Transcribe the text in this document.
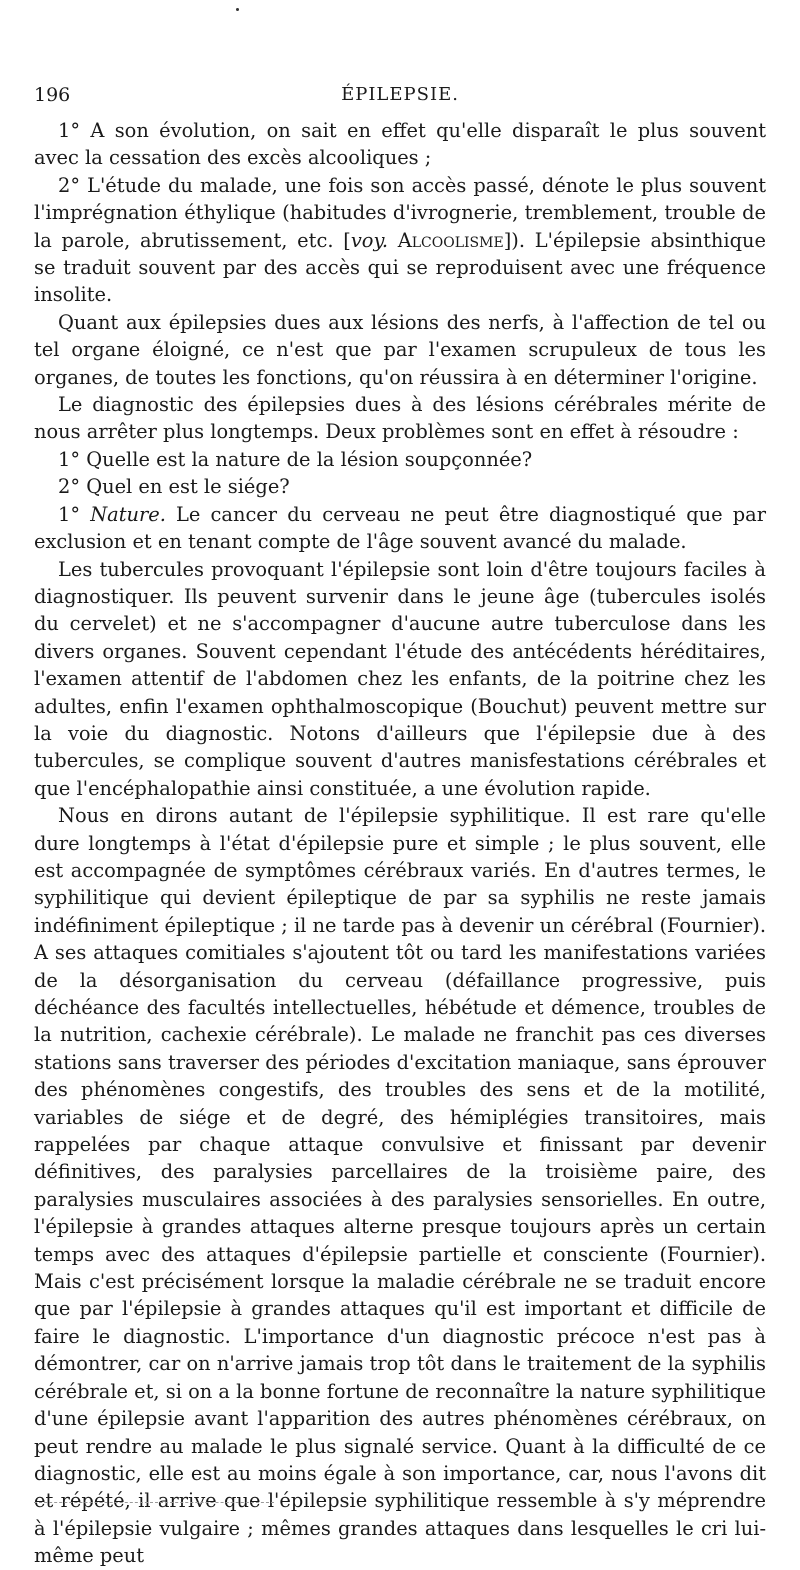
196	ÉPILEPSIE.

1° A son évolution, on sait en effet qu'elle disparaît le plus souvent avec la cessation des excès alcooliques ;

2° L'étude du malade, une fois son accès passé, dénote le plus souvent l'imprégnation éthylique (habitudes d'ivrognerie, tremblement, trouble de la parole, abrutissement, etc. [voy. Alcoolisme]). L'épilepsie absinthique se traduit souvent par des accès qui se reproduisent avec une fréquence insolite.

Quant aux épilepsies dues aux lésions des nerfs, à l'affection de tel ou tel organe éloigné, ce n'est que par l'examen scrupuleux de tous les organes, de toutes les fonctions, qu'on réussira à en déterminer l'origine.

Le diagnostic des épilepsies dues à des lésions cérébrales mérite de nous arrêter plus longtemps. Deux problèmes sont en effet à résoudre :

1° Quelle est la nature de la lésion soupçonnée?

2° Quel en est le siége?

1° Nature. Le cancer du cerveau ne peut être diagnostiqué que par exclusion et en tenant compte de l'âge souvent avancé du malade.

Les tubercules provoquant l'épilepsie sont loin d'être toujours faciles à diagnostiquer. Ils peuvent survenir dans le jeune âge (tubercules isolés du cervelet) et ne s'accompagner d'aucune autre tuberculose dans les divers organes. Souvent cependant l'étude des antécédents héréditaires, l'examen attentif de l'abdomen chez les enfants, de la poitrine chez les adultes, enfin l'examen ophthalmoscopique (Bouchut) peuvent mettre sur la voie du diagnostic. Notons d'ailleurs que l'épilepsie due à des tubercules, se complique souvent d'autres manisfestations cérébrales et que l'encéphalopathie ainsi constituée, a une évolution rapide.

Nous en dirons autant de l'épilepsie syphilitique. Il est rare qu'elle dure longtemps à l'état d'épilepsie pure et simple ; le plus souvent, elle est accompagnée de symptômes cérébraux variés. En d'autres termes, le syphilitique qui devient épileptique de par sa syphilis ne reste jamais indéfiniment épileptique ; il ne tarde pas à devenir un cérébral (Fournier). A ses attaques comitiales s'ajoutent tôt ou tard les manifestations variées de la désorganisation du cerveau (défaillance progressive, puis déchéance des facultés intellectuelles, hébétude et démence, troubles de la nutrition, cachexie cérébrale). Le malade ne franchit pas ces diverses stations sans traverser des périodes d'excitation maniaque, sans éprouver des phénomènes congestifs, des troubles des sens et de la motilité, variables de siége et de degré, des hémiplégies transitoires, mais rappelées par chaque attaque convulsive et finissant par devenir définitives, des paralysies parcellaires de la troisième paire, des paralysies musculaires associées à des paralysies sensorielles. En outre, l'épilepsie à grandes attaques alterne presque toujours après un certain temps avec des attaques d'épilepsie partielle et consciente (Fournier). Mais c'est précisément lorsque la maladie cérébrale ne se traduit encore que par l'épilepsie à grandes attaques qu'il est important et difficile de faire le diagnostic. L'importance d'un diagnostic précoce n'est pas à démontrer, car on n'arrive jamais trop tôt dans le traitement de la syphilis cérébrale et, si on a la bonne fortune de reconnaître la nature syphilitique d'une épilepsie avant l'apparition des autres phénomènes cérébraux, on peut rendre au malade le plus signalé service. Quant à la difficulté de ce diagnostic, elle est au moins égale à son importance, car, nous l'avons dit et répété, il arrive que l'épilepsie syphilitique ressemble à s'y méprendre à l'épilepsie vulgaire ; mêmes grandes attaques dans lesquelles le cri lui-même peut
